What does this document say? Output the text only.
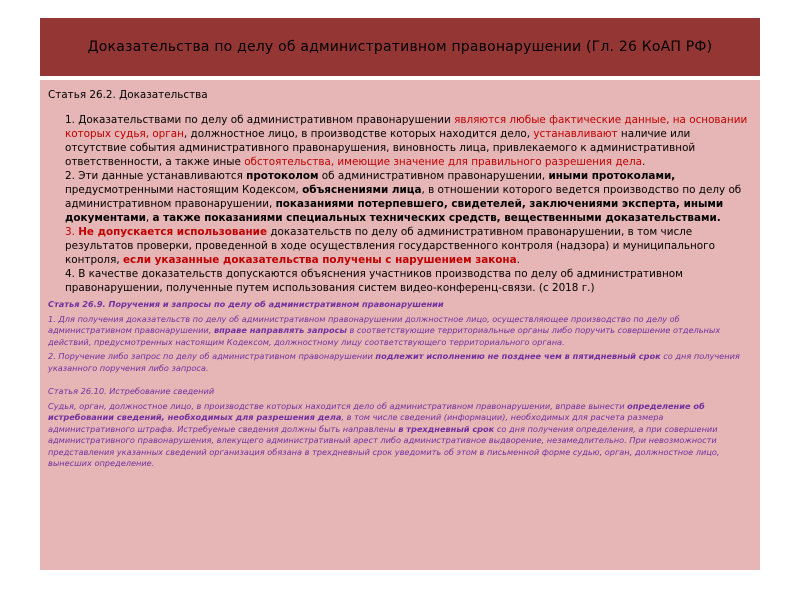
Доказательства по делу об административном правонарушении (Гл. 26 КоАП РФ)

Статья 26.2. Доказательства

1. Доказательствами по делу об административном правонарушении являются любые фактические данные, на основании которых судья, орган, должностное лицо, в производстве которых находится дело, устанавливают наличие или отсутствие события административного правонарушения, виновность лица, привлекаемого к административной ответственности, а также иные обстоятельства, имеющие значение для правильного разрешения дела.

2. Эти данные устанавливаются протоколом об административном правонарушении, иными протоколами, предусмотренными настоящим Кодексом, объяснениями лица, в отношении которого ведется производство по делу об административном правонарушении, показаниями потерпевшего, свидетелей, заключениями эксперта, иными документами, а также показаниями специальных технических средств, вещественными доказательствами.

3. Не допускается использование доказательств по делу об административном правонарушении, в том числе результатов проверки, проведенной в ходе осуществления государственного контроля (надзора) и муниципального контроля, если указанные доказательства получены с нарушением закона.

4. В качестве доказательств допускаются объяснения участников производства по делу об административном правонарушении, полученные путем использования систем видео-конференц-связи. (с 2018 г.)

Статья 26.9. Поручения и запросы по делу об административном правонарушении

1. Для получения доказательств по делу об административном правонарушении должностное лицо, осуществляющее производство по делу об административном правонарушении, вправе направлять запросы в соответствующие территориальные органы либо поручить совершение отдельных действий, предусмотренных настоящим Кодексом, должностному лицу соответствующего территориального органа.

2. Поручение либо запрос по делу об административном правонарушении подлежит исполнению не позднее чем в пятидневный срок со дня получения указанного поручения либо запроса.

Статья 26.10. Истребование сведений

Судья, орган, должностное лицо, в производстве которых находится дело об административном правонарушении, вправе вынести определение об истребовании сведений, необходимых для разрешения дела, в том числе сведений (информации), необходимых для расчета размера административного штрафа. Истребуемые сведения должны быть направлены в трехдневный срок со дня получения определения, а при совершении административного правонарушения, влекущего административный арест либо административное выдворение, незамедлительно. При невозможности представления указанных сведений организация обязана в трехдневный срок уведомить об этом в письменной форме судью, орган, должностное лицо, вынесших определение.
